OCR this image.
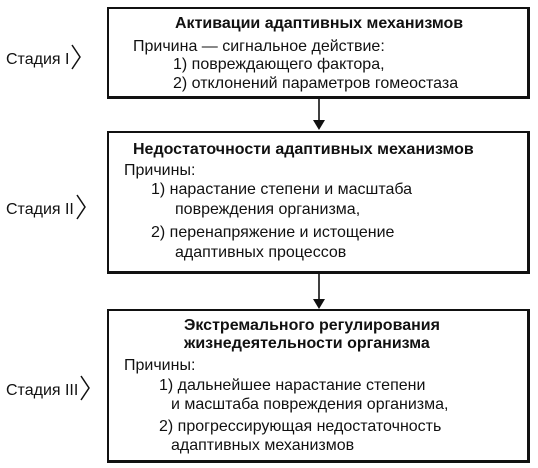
Стадия I
Стадия II
Стадия III
Активации адаптивных механизмов
Причина — сигнальное действие:
1) повреждающего фактора,
2) отклонений параметров гомеостаза
Недостаточности адаптивных механизмов
Причины:
1) нарастание степени и масштаба
повреждения организма,
2) перенапряжение и истощение
адаптивных процессов
Экстремального регулирования
жизнедеятельности организма
Причины:
1) дальнейшее нарастание степени
и масштаба повреждения организма,
2) прогрессирующая недостаточность
адаптивных механизмов
